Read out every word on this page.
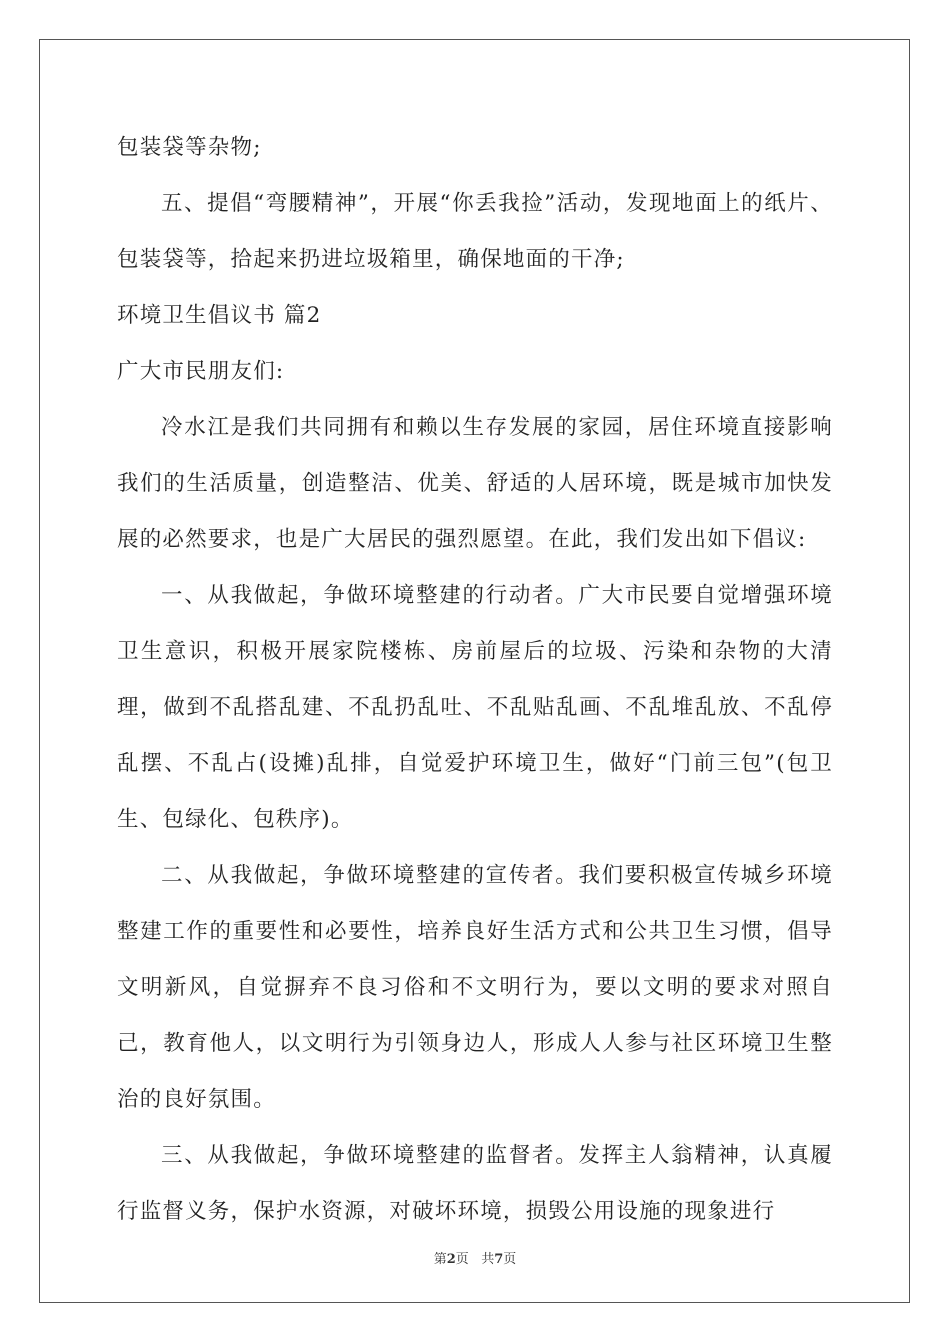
包装袋等杂物;

五、提倡“弯腰精神”，开展“你丢我捡”活动，发现地面上的纸片、包装袋等，拾起来扔进垃圾箱里，确保地面的干净;

环境卫生倡议书 篇2

广大市民朋友们:

冷水江是我们共同拥有和赖以生存发展的家园，居住环境直接影响我们的生活质量，创造整洁、优美、舒适的人居环境，既是城市加快发展的必然要求，也是广大居民的强烈愿望。在此，我们发出如下倡议:

一、从我做起，争做环境整建的行动者。广大市民要自觉增强环境卫生意识，积极开展家院楼栋、房前屋后的垃圾、污染和杂物的大清理，做到不乱搭乱建、不乱扔乱吐、不乱贴乱画、不乱堆乱放、不乱停乱摆、不乱占(设摊)乱排，自觉爱护环境卫生，做好“门前三包”(包卫生、包绿化、包秩序)。

二、从我做起，争做环境整建的宣传者。我们要积极宣传城乡环境整建工作的重要性和必要性，培养良好生活方式和公共卫生习惯，倡导文明新风，自觉摒弃不良习俗和不文明行为，要以文明的要求对照自己，教育他人，以文明行为引领身边人，形成人人参与社区环境卫生整治的良好氛围。

三、从我做起，争做环境整建的监督者。发挥主人翁精神，认真履行监督义务，保护水资源，对破坏环境，损毁公用设施的现象进行

第2页 共7页
